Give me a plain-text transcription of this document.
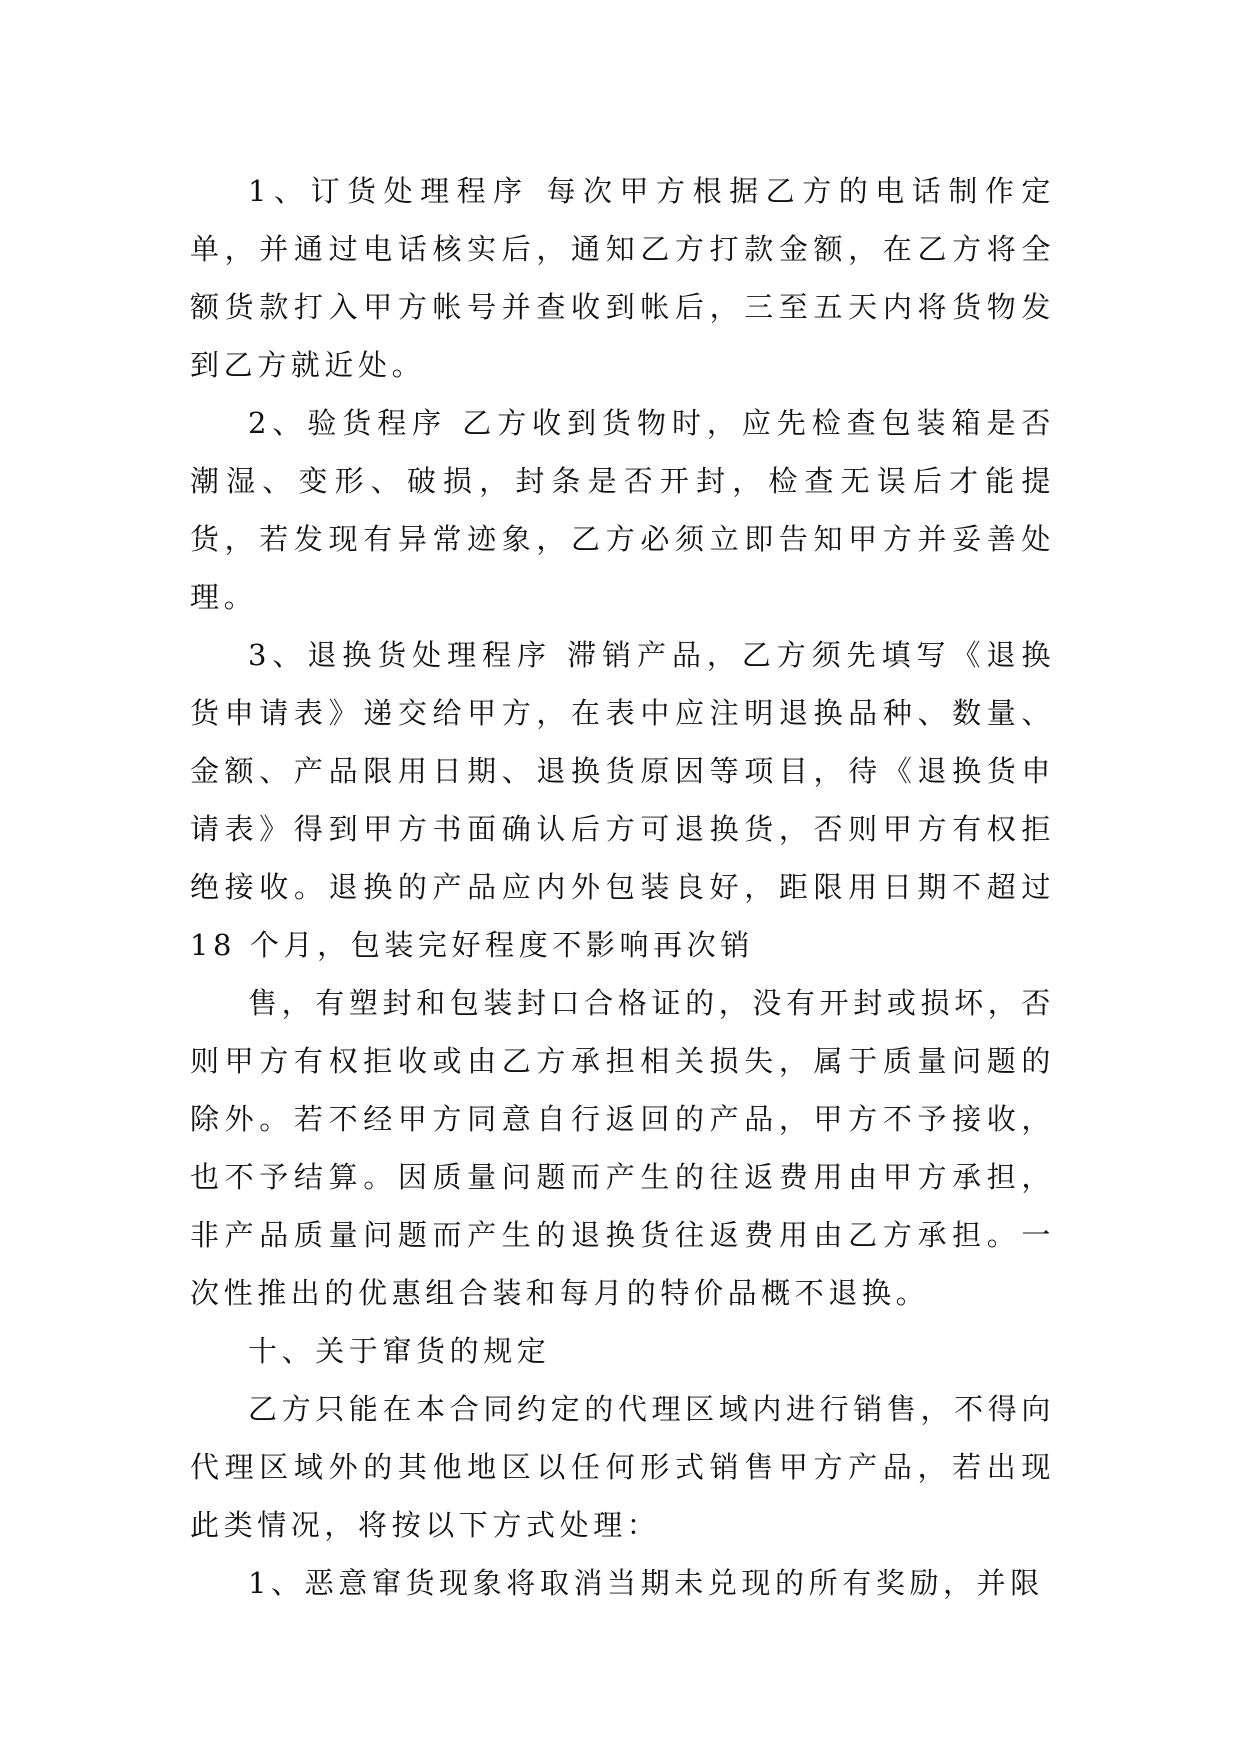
1、订货处理程序 每次甲方根据乙方的电话制作定单，并通过电话核实后，通知乙方打款金额，在乙方将全额货款打入甲方帐号并查收到帐后，三至五天内将货物发到乙方就近处。

2、验货程序 乙方收到货物时，应先检查包装箱是否潮湿、变形、破损，封条是否开封，检查无误后才能提货，若发现有异常迹象，乙方必须立即告知甲方并妥善处理。

3、退换货处理程序 滞销产品，乙方须先填写《退换货申请表》递交给甲方，在表中应注明退换品种、数量、金额、产品限用日期、退换货原因等项目，待《退换货申请表》得到甲方书面确认后方可退换货，否则甲方有权拒绝接收。退换的产品应内外包装良好，距限用日期不超过 18 个月，包装完好程度不影响再次销

售，有塑封和包装封口合格证的，没有开封或损坏，否则甲方有权拒收或由乙方承担相关损失，属于质量问题的除外。若不经甲方同意自行返回的产品，甲方不予接收，也不予结算。因质量问题而产生的往返费用由甲方承担，非产品质量问题而产生的退换货往返费用由乙方承担。一次性推出的优惠组合装和每月的特价品概不退换。

十、关于窜货的规定

乙方只能在本合同约定的代理区域内进行销售，不得向代理区域外的其他地区以任何形式销售甲方产品，若出现此类情况，将按以下方式处理：

1、恶意窜货现象将取消当期未兑现的所有奖励，并限
